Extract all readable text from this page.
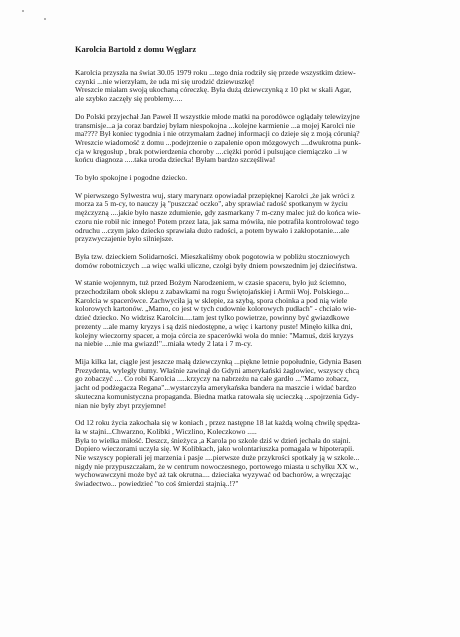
Karolcia Bartold z domu Węglarz
Karolcia przyszła na świat 30.05 1979 roku ...tego dnia rodziły się przede wszystkim dziew-
czynki ...nie wierzyłam, że uda mi się urodzić dziewuszkę!
Wreszcie miałam swoją ukochaną córeczkę. Była dużą dziewczynką z 10 pkt w skali Agar,
ale szybko zaczęły się problemy.....
Do Polski przyjechał Jan Paweł II wszystkie młode matki na porodówce oglądały telewizyjne
transmisje...a ja coraz bardziej byłam niespokojna ...kolejne karmienie ...a mojej Karolci nie
ma???? Był koniec tygodnia i nie otrzymałam żadnej informacji co dzieje się z moją córunią?
Wreszcie wiadomość z domu ...podejrzenie o zapalenie opon mózgowych ....dwukrotna punk-
cja w kręgosłup , brak potwierdzenia choroby ....ciężki poród i pulsujące ciemiączko ..i w
końcu diagnoza .....taka uroda dziecka! Byłam bardzo szczęśliwa!
To było spokojne i pogodne dziecko.
W pierwszego Sylwestra wuj, stary marynarz opowiadał przepięknej Karolci ,że jak wróci z
morza za 5 m-cy, to nauczy ją "puszczać oczko", aby sprawiać radość spotkanym w życiu
mężczyzną ....jakie było nasze zdumienie, gdy zasmarkany 7 m-czny malec już do końca wie-
czoru nie robił nic innego! Potem przez lata, jak sama mówiła, nie potrafiła kontrolować tego
odruchu ...czym jako dziecko sprawiała dużo radości, a potem bywało i zakłopotanie....ale
przyzwyczajenie było silniejsze.
Była tzw. dzieckiem Solidarności. Mieszkaliśmy obok pogotowia w pobliżu stoczniowych
domów robotniczych ...a więc walki uliczne, czołgi były dniem powszednim jej dzieciństwa.
W stanie wojennym, tuż przed Bożym Narodzeniem, w czasie spaceru, było już ściemno,
przechodziłam obok sklepu z zabawkami na rogu Świętojańskiej i Armii Woj. Polskiego...
Karolcia w spacerówce. Zachwyciła ją w sklepie, za szybą, spora choinka a pod nią wiele
kolorowych kartonów. „Mamo, co jest w tych cudownie kolorowych pudłach" - chciało wie-
dzieć dziecko. No widzisz Karolciu.....tam jest tylko powietrze, powinny być gwiazdkowe
prezenty ...ale mamy kryzys i są dziś niedostępne, a więc i kartony puste! Minęło kilka dni,
kolejny wieczorny spacer, a moja córcia ze spacerówki woła do mnie: "Mamuś, dziś kryzys
na niebie ....nie ma gwiazd!"...miała wtedy 2 lata i 7 m-cy.
Mija kilka lat, ciągle jest jeszcze małą dziewczynką ...piękne letnie popołudnie, Gdynia Basen
Prezydenta, wyległy tłumy. Właśnie zawinął do Gdyni amerykański żaglowiec, wszyscy chcą
go zobaczyć .... Co robi Karolcia .....krzyczy na nabrzeżu na całe gardło ..."Mamo zobacz,
jacht od podżegacza Regana"...wystarczyła amerykańska bandera na maszcie i widać bardzo
skuteczna komunistyczna propaganda. Biedna matka ratowała się ucieczką ...spojrzenia Gdy-
nian nie były zbyt przyjemne!
Od 12 roku życia zakochała się w koniach , przez następne 18 lat każdą wolną chwilę spędza-
ła w stajni...Chwarzno, Kolibki , Wiczlino, Koleczkowo .....
Była to wielka miłość. Deszcz, śnieżyca ,a Karola po szkole dziś w dzień jechała do stajni.
Dopiero wieczorami uczyła się. W Kolibkach, jako wolontariuszka pomagała w hipoterapii.
Nie wszyscy popierali jej marzenia i pasje ....pierwsze duże przykrości spotkały ją w szkole...
nigdy nie przypuszczałam, że w centrum nowoczesnego, portowego miasta u schyłku XX w.,
wychowawczyni może być aż tak okrutna.... dzieciaka wyzywać od bachorów, a wręczając
świadectwo... powiedzieć "to coś śmierdzi stajnią..!?"
